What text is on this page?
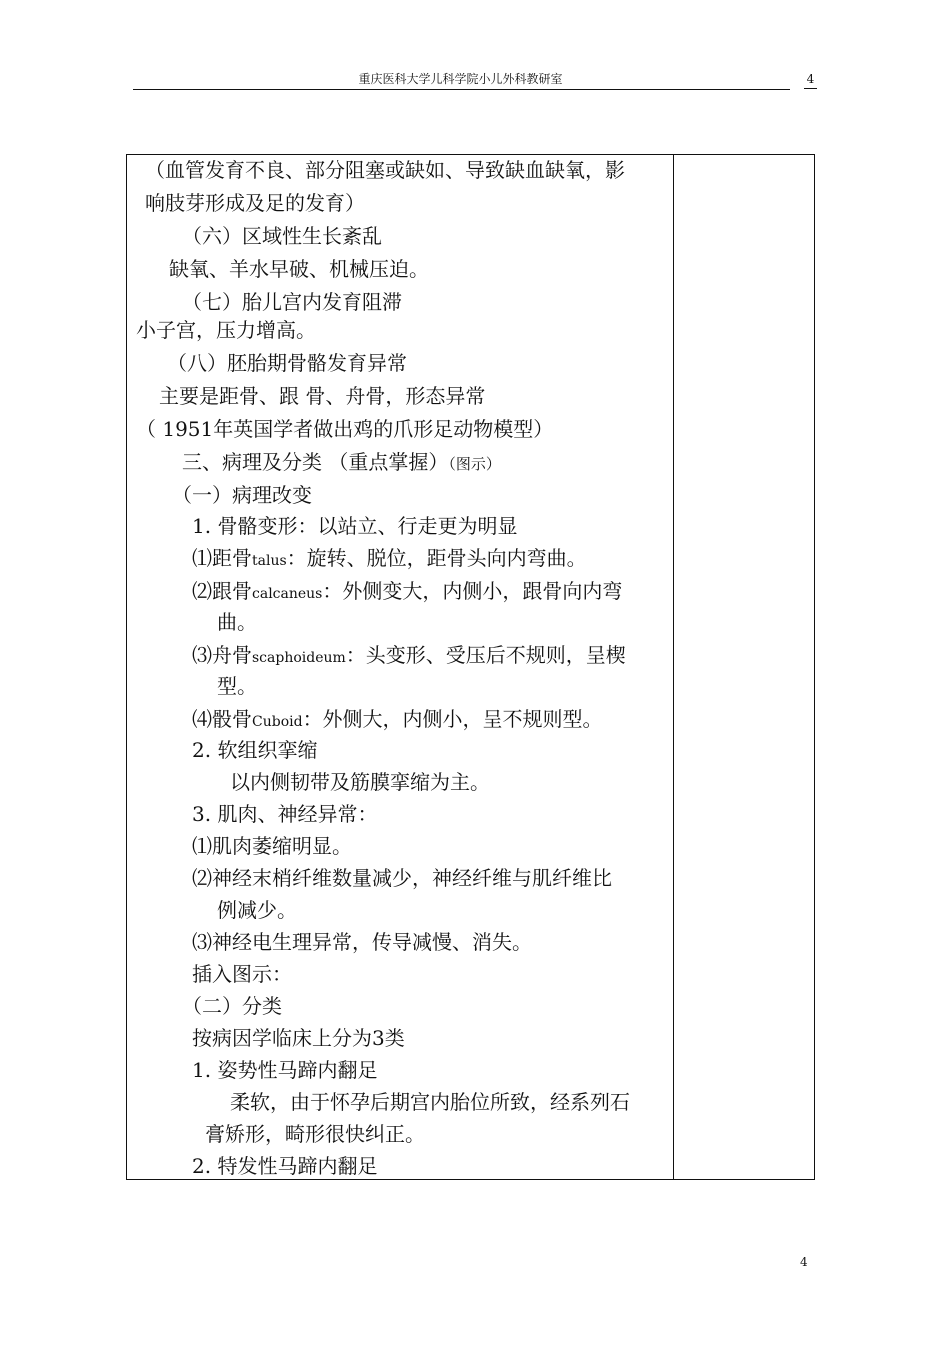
重庆医科大学儿科学院小儿外科教研室	4
（血管发育不良、部分阻塞或缺如、导致缺血缺氧，影
响肢芽形成及足的发育）
（六）区域性生长紊乱
缺氧、羊水早破、机械压迫。
（七）胎儿宫内发育阻滞
小子宫，压力增高。
（八）胚胎期骨骼发育异常
主要是距骨、跟 骨、舟骨，形态异常
（ 1951年英国学者做出鸡的爪形足动物模型）
三、病理及分类 （重点掌握）（图示）
（一）病理改变
1. 骨骼变形：以站立、行走更为明显
⑴距骨talus：旋转、脱位，距骨头向内弯曲。
⑵跟骨calcaneus：外侧变大，内侧小，跟骨向内弯
曲。
⑶舟骨scaphoideum：头变形、受压后不规则，呈楔
型。
⑷骰骨Cuboid：外侧大，内侧小，呈不规则型。
2. 软组织挛缩
以内侧韧带及筋膜挛缩为主。
3. 肌肉、神经异常：
⑴肌肉萎缩明显。
⑵神经末梢纤维数量减少，神经纤维与肌纤维比
例减少。
⑶神经电生理异常，传导减慢、消失。
插入图示：
（二）分类
按病因学临床上分为3类
1. 姿势性马蹄内翻足
柔软，由于怀孕后期宫内胎位所致，经系列石
膏矫形，畸形很快纠正。
2. 特发性马蹄内翻足
4
